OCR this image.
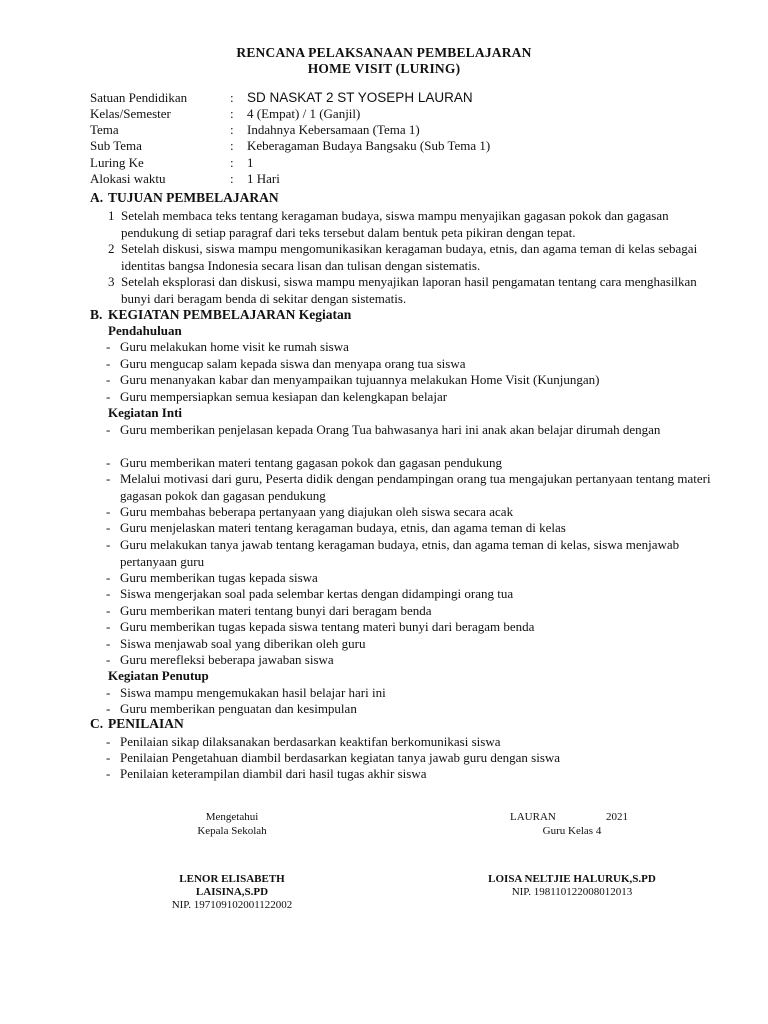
RENCANA PELAKSANAAN PEMBELAJARAN
HOME VISIT (LURING)
Satuan Pendidikan	: SD NASKAT 2 ST YOSEPH LAURAN
Kelas/Semester	: 4 (Empat) / 1 (Ganjil)
Tema	: Indahnya Kebersamaan (Tema 1)
Sub Tema	: Keberagaman Budaya Bangsaku (Sub Tema 1)
Luring Ke	: 1
Alokasi waktu	: 1 Hari
A. TUJUAN PEMBELAJARAN
1 Setelah membaca teks tentang keragaman budaya, siswa mampu menyajikan gagasan pokok dan gagasan pendukung di setiap paragraf dari teks tersebut dalam bentuk peta pikiran dengan tepat.
2 Setelah diskusi, siswa mampu mengomunikasikan keragaman budaya, etnis, dan agama teman di kelas sebagai identitas bangsa Indonesia secara lisan dan tulisan dengan sistematis.
3 Setelah eksplorasi dan diskusi, siswa mampu menyajikan laporan hasil pengamatan tentang cara menghasilkan bunyi dari beragam benda di sekitar dengan sistematis.
B. KEGIATAN PEMBELAJARAN Kegiatan
Pendahuluan
- Guru melakukan home visit ke rumah siswa
- Guru mengucap salam kepada siswa dan menyapa orang tua siswa
- Guru menanyakan kabar dan menyampaikan tujuannya melakukan Home Visit (Kunjungan)
- Guru mempersiapkan semua kesiapan dan kelengkapan belajar
Kegiatan Inti
- Guru memberikan penjelasan kepada Orang Tua bahwasanya hari ini anak akan belajar dirumah dengan
- Guru memberikan materi tentang gagasan pokok dan gagasan pendukung
- Melalui motivasi dari guru, Peserta didik dengan pendampingan orang tua mengajukan pertanyaan tentang materi gagasan pokok dan gagasan pendukung
- Guru membahas beberapa pertanyaan yang diajukan oleh siswa secara acak
- Guru menjelaskan materi tentang keragaman budaya, etnis, dan agama teman di kelas
- Guru melakukan tanya jawab tentang keragaman budaya, etnis, dan agama teman di kelas, siswa menjawab pertanyaan guru
- Guru memberikan tugas kepada siswa
- Siswa mengerjakan soal pada selembar kertas dengan didampingi orang tua
- Guru memberikan materi tentang bunyi dari beragam benda
- Guru memberikan tugas kepada siswa tentang materi bunyi dari beragam benda
- Siswa menjawab soal yang diberikan oleh guru
- Guru merefleksi beberapa jawaban siswa
Kegiatan Penutup
- Siswa mampu mengemukakan hasil belajar hari ini
- Guru memberikan penguatan dan kesimpulan
C. PENILAIAN
- Penilaian sikap dilaksanakan berdasarkan keaktifan berkomunikasi siswa
- Penilaian Pengetahuan diambil berdasarkan kegiatan tanya jawab guru dengan siswa
- Penilaian keterampilan diambil dari hasil tugas akhir siswa
Mengetahui
Kepala Sekolah
LENOR ELISABETH
LAISINA,S.PD
NIP. 197109102001122002
LAURAN	2021
Guru Kelas 4
LOISA NELTJIE HALURUK,S.PD
NIP. 198110122008012013
